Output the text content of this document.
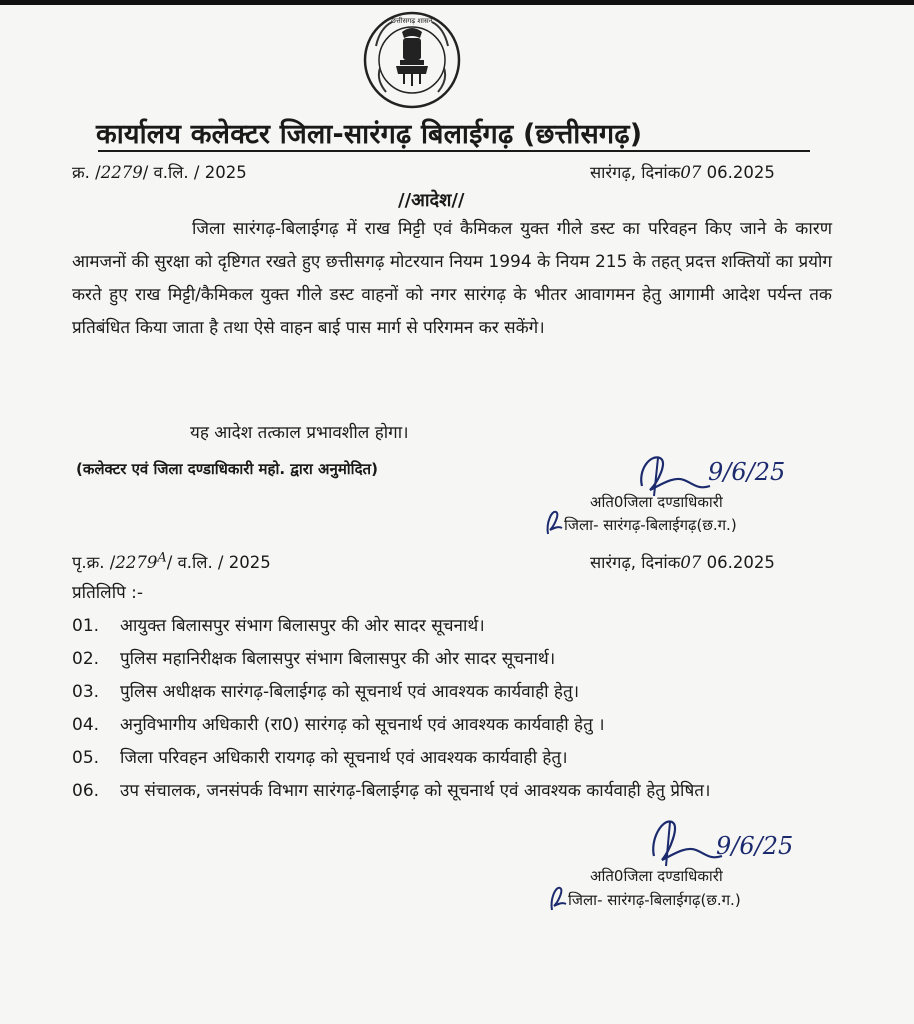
छत्तीसगढ़ शासन
कार्यालय कलेक्टर जिला-सारंगढ़ बिलाईगढ़ (छत्तीसगढ़)
क्र. /2279/ व.लि. / 2025	सारंगढ़, दिनांक07 06.2025
//आदेश//
जिला सारंगढ़-बिलाईगढ़ में राख मिट्टी एवं कैमिकल युक्त गीले डस्ट का परिवहन किए जाने के कारण आमजनों की सुरक्षा को दृष्टिगत रखते हुए छत्तीसगढ़ मोटरयान नियम 1994 के नियम 215 के तहत् प्रदत्त शक्तियों का प्रयोग करते हुए राख मिट्टी/कैमिकल युक्त गीले डस्ट वाहनों को नगर सारंगढ़ के भीतर आवागमन हेतु आगामी आदेश पर्यन्त तक प्रतिबंधित किया जाता है तथा ऐसे वाहन बाई पास मार्ग से परिगमन कर सकेंगे।
यह आदेश तत्काल प्रभावशील होगा।
(कलेक्टर एवं जिला दण्डाधिकारी महो. द्वारा अनुमोदित)	9/6/25
अति0जिला दण्डाधिकारी
जिला- सारंगढ़-बिलाईगढ़(छ.ग.)
पृ.क्र. $/2279^A/$ व.लि. / 2025	सारंगढ़, दिनांक07 06.2025
प्रतिलिपि :-
01.	आयुक्त बिलासपुर संभाग बिलासपुर की ओर सादर सूचनार्थ।
02.	पुलिस महानिरीक्षक बिलासपुर संभाग बिलासपुर की ओर सादर सूचनार्थ।
03.	पुलिस अधीक्षक सारंगढ़-बिलाईगढ़ को सूचनार्थ एवं आवश्यक कार्यवाही हेतु।
04.	अनुविभागीय अधिकारी (रा0) सारंगढ़ को सूचनार्थ एवं आवश्यक कार्यवाही हेतु ।
05.	जिला परिवहन अधिकारी रायगढ़ को सूचनार्थ एवं आवश्यक कार्यवाही हेतु।
06.	उप संचालक, जनसंपर्क विभाग सारंगढ़-बिलाईगढ़ को सूचनार्थ एवं आवश्यक कार्यवाही हेतु प्रेषित।
9/6/25
अति0जिला दण्डाधिकारी
जिला- सारंगढ़-बिलाईगढ़(छ.ग.)
